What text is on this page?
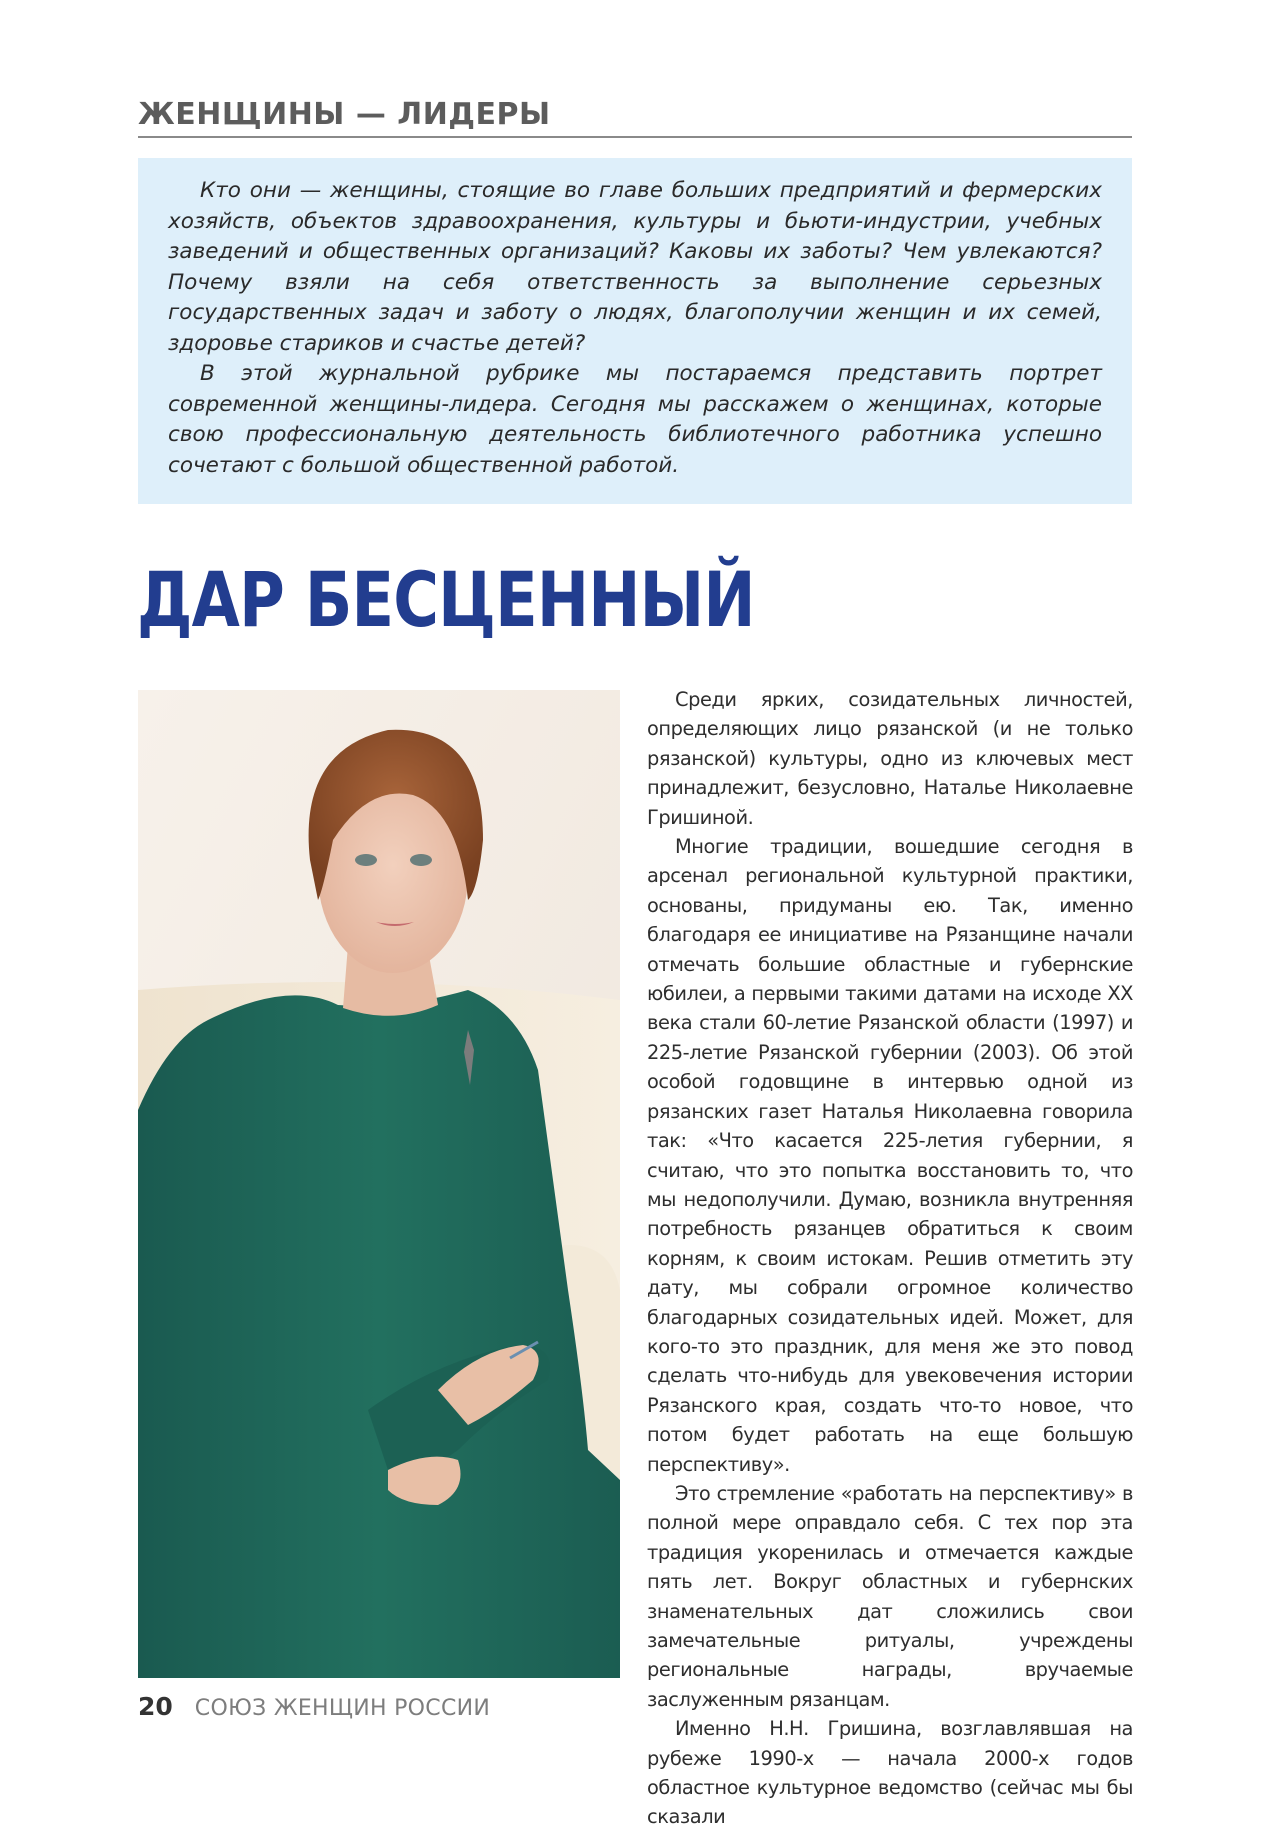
ЖЕНЩИНЫ — ЛИДЕРЫ

Кто они — женщины, стоящие во главе больших предприятий и фермерских хозяйств, объектов здравоохранения, культуры и бьюти-индустрии, учебных заведений и общественных организаций? Каковы их заботы? Чем увлекаются? Почему взяли на себя ответственность за выполнение серьезных государственных задач и заботу о людях, благополучии женщин и их семей, здоровье стариков и счастье детей?

В этой журнальной рубрике мы постараемся представить портрет современной женщины-лидера. Сегодня мы расскажем о женщинах, которые свою профессиональную деятельность библиотечного работника успешно сочетают с большой общественной работой.

ДАР БЕСЦЕННЫЙ

Среди ярких, созидательных личностей, определяющих лицо рязанской (и не только рязанской) культуры, одно из ключевых мест принадлежит, безусловно, Наталье Николаевне Гришиной.

Многие традиции, вошедшие сегодня в арсенал региональной культурной практики, основаны, придуманы ею. Так, именно благодаря ее инициативе на Рязанщине начали отмечать большие областные и губернские юбилеи, а первыми такими датами на исходе XX века стали 60-летие Рязанской области (1997) и 225-летие Рязанской губернии (2003). Об этой особой годовщине в интервью одной из рязанских газет Наталья Николаевна говорила так: «Что касается 225-летия губернии, я считаю, что это попытка восстановить то, что мы недополучили. Думаю, возникла внутренняя потребность рязанцев обратиться к своим корням, к своим истокам. Решив отметить эту дату, мы собрали огромное количество благодарных созидательных идей. Может, для кого-то это праздник, для меня же это повод сделать что-нибудь для увековечения истории Рязанского края, создать что-то новое, что потом будет работать на еще большую перспективу».

Это стремление «работать на перспективу» в полной мере оправдало себя. С тех пор эта традиция укоренилась и отмечается каждые пять лет. Вокруг областных и губернских знаменательных дат сложились свои замечательные ритуалы, учреждены региональные награды, вручаемые заслуженным рязанцам.

Именно Н.Н. Гришина, возглавлявшая на рубеже 1990-х — начала 2000-х годов областное культурное ведомство (сейчас мы бы сказали

20 СОЮЗ ЖЕНЩИН РОССИИ
